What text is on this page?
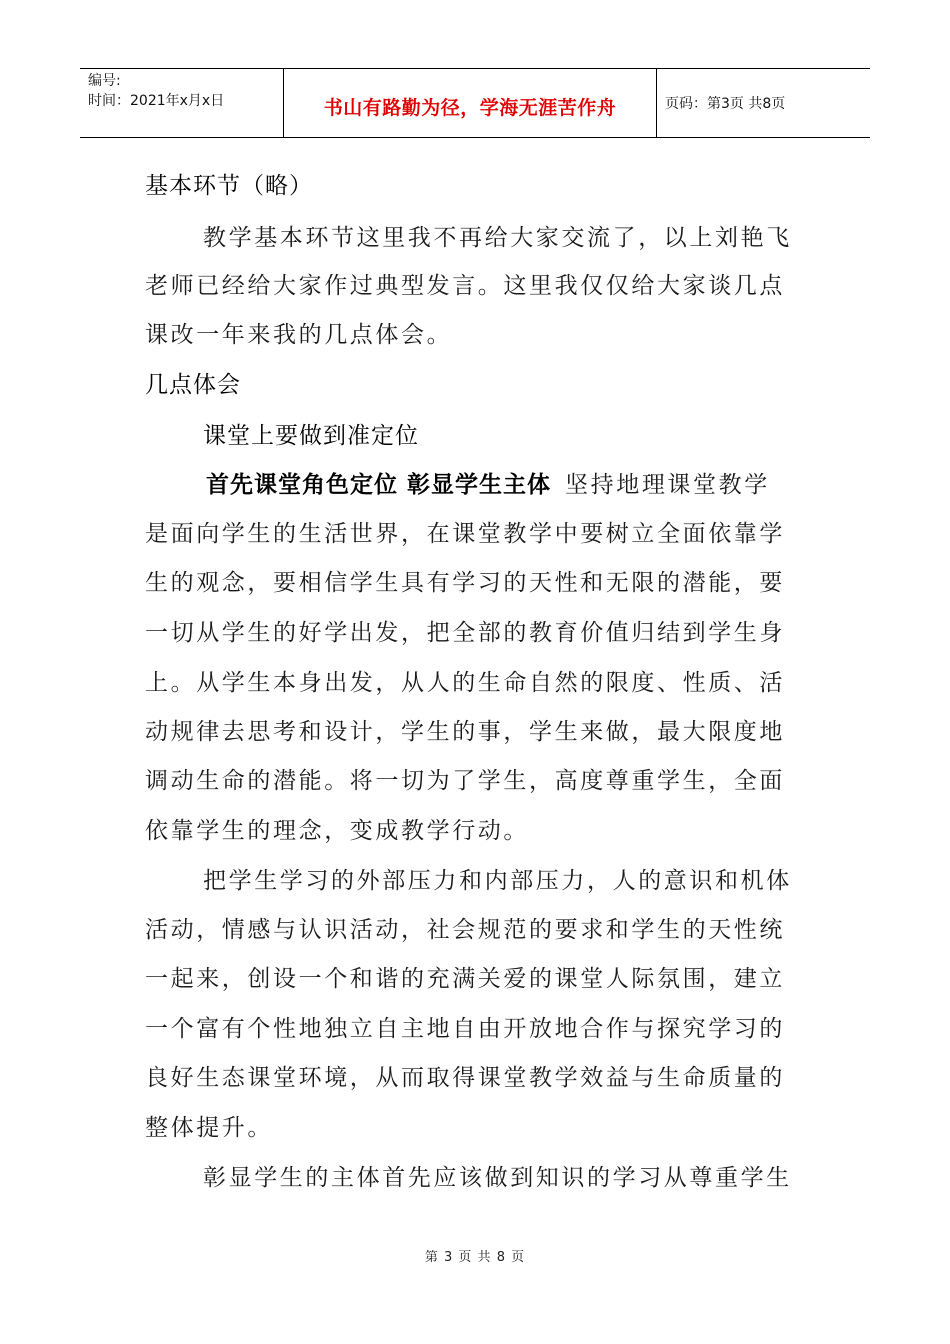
编号:
时间：2021年x月x日	书山有路勤为径，学海无涯苦作舟	页码：第3页 共8页
基本环节（略）
教学基本环节这里我不再给大家交流了，以上刘艳飞
老师已经给大家作过典型发言。这里我仅仅给大家谈几点
课改一年来我的几点体会。
几点体会
课堂上要做到准定位
首先课堂角色定位 彰显学生主体 坚持地理课堂教学
是面向学生的生活世界，在课堂教学中要树立全面依靠学
生的观念，要相信学生具有学习的天性和无限的潜能，要
一切从学生的好学出发，把全部的教育价值归结到学生身
上。从学生本身出发，从人的生命自然的限度、性质、活
动规律去思考和设计，学生的事，学生来做，最大限度地
调动生命的潜能。将一切为了学生，高度尊重学生，全面
依靠学生的理念，变成教学行动。
把学生学习的外部压力和内部压力，人的意识和机体
活动，情感与认识活动，社会规范的要求和学生的天性统
一起来，创设一个和谐的充满关爱的课堂人际氛围，建立
一个富有个性地独立自主地自由开放地合作与探究学习的
良好生态课堂环境，从而取得课堂教学效益与生命质量的
整体提升。
彰显学生的主体首先应该做到知识的学习从尊重学生
第 3 页 共 8 页
